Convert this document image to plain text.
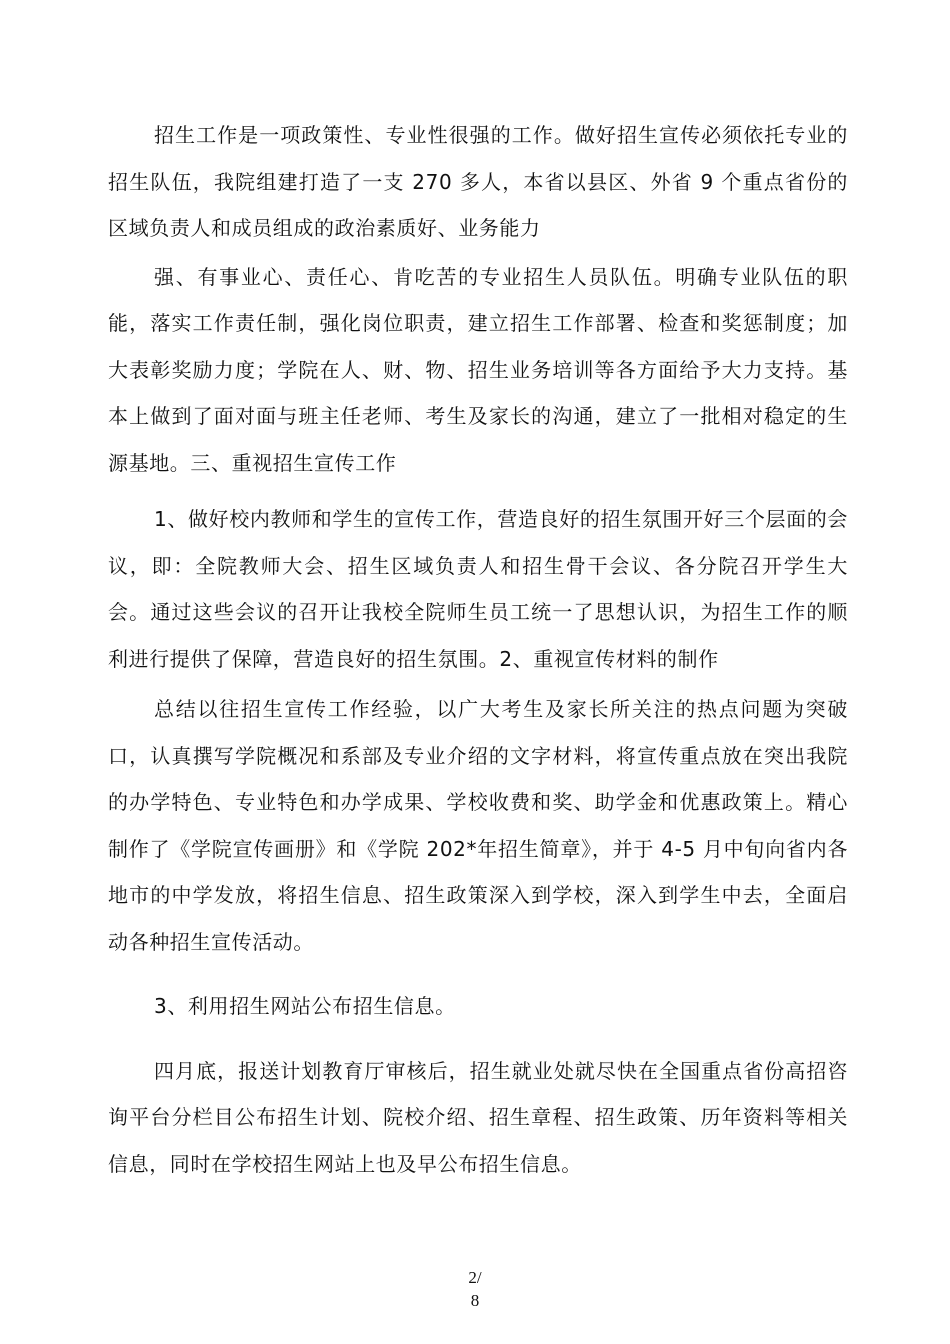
招生工作是一项政策性、专业性很强的工作。做好招生宣传必须依托专业的招生队伍，我院组建打造了一支 270 多人，本省以县区、外省 9 个重点省份的区域负责人和成员组成的政治素质好、业务能力

强、有事业心、责任心、肯吃苦的专业招生人员队伍。明确专业队伍的职能，落实工作责任制，强化岗位职责，建立招生工作部署、检查和奖惩制度；加大表彰奖励力度；学院在人、财、物、招生业务培训等各方面给予大力支持。基本上做到了面对面与班主任老师、考生及家长的沟通，建立了一批相对稳定的生源基地。三、重视招生宣传工作

1、做好校内教师和学生的宣传工作，营造良好的招生氛围开好三个层面的会议，即：全院教师大会、招生区域负责人和招生骨干会议、各分院召开学生大会。通过这些会议的召开让我校全院师生员工统一了思想认识，为招生工作的顺利进行提供了保障，营造良好的招生氛围。2、重视宣传材料的制作

总结以往招生宣传工作经验，以广大考生及家长所关注的热点问题为突破口，认真撰写学院概况和系部及专业介绍的文字材料，将宣传重点放在突出我院的办学特色、专业特色和办学成果、学校收费和奖、助学金和优惠政策上。精心制作了《学院宣传画册》和《学院 202*年招生简章》，并于 4-5 月中旬向省内各地市的中学发放，将招生信息、招生政策深入到学校，深入到学生中去，全面启动各种招生宣传活动。

3、利用招生网站公布招生信息。

四月底，报送计划教育厅审核后，招生就业处就尽快在全国重点省份高招咨询平台分栏目公布招生计划、院校介绍、招生章程、招生政策、历年资料等相关信息，同时在学校招生网站上也及早公布招生信息。

2/
8
